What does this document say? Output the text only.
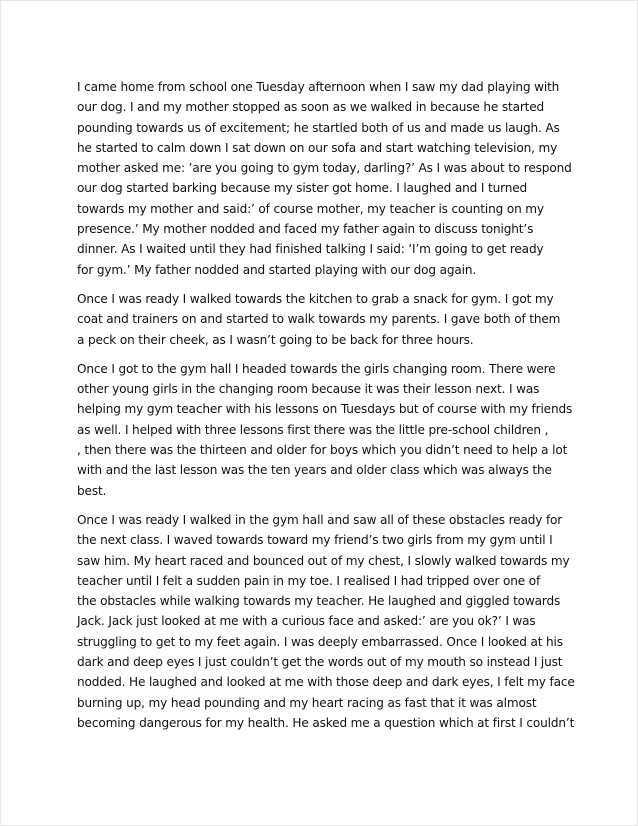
I came home from school one Tuesday afternoon when I saw my dad playing with
our dog. I and my mother stopped as soon as we walked in because he started
pounding towards us of excitement; he startled both of us and made us laugh. As
he started to calm down I sat down on our sofa and start watching television, my
mother asked me: ’are you going to gym today, darling?’ As I was about to respond
our dog started barking because my sister got home. I laughed and I turned
towards my mother and said:’ of course mother, my teacher is counting on my
presence.’ My mother nodded and faced my father again to discuss tonight’s
dinner. As I waited until they had finished talking I said: ‘I’m going to get ready
for gym.’ My father nodded and started playing with our dog again.

Once I was ready I walked towards the kitchen to grab a snack for gym. I got my
coat and trainers on and started to walk towards my parents. I gave both of them
a peck on their cheek, as I wasn’t going to be back for three hours.

Once I got to the gym hall I headed towards the girls changing room. There were
other young girls in the changing room because it was their lesson next. I was
helping my gym teacher with his lessons on Tuesdays but of course with my friends
as well. I helped with three lessons first there was the little pre-school children ,
, then there was the thirteen and older for boys which you didn’t need to help a lot
with and the last lesson was the ten years and older class which was always the
best.

Once I was ready I walked in the gym hall and saw all of these obstacles ready for
the next class. I waved towards toward my friend’s two girls from my gym until I
saw him. My heart raced and bounced out of my chest, I slowly walked towards my
teacher until I felt a sudden pain in my toe. I realised I had tripped over one of
the obstacles while walking towards my teacher. He laughed and giggled towards
Jack. Jack just looked at me with a curious face and asked:’ are you ok?’ I was
struggling to get to my feet again. I was deeply embarrassed. Once I looked at his
dark and deep eyes I just couldn’t get the words out of my mouth so instead I just
nodded. He laughed and looked at me with those deep and dark eyes, I felt my face
burning up, my head pounding and my heart racing as fast that it was almost
becoming dangerous for my health. He asked me a question which at first I couldn’t
